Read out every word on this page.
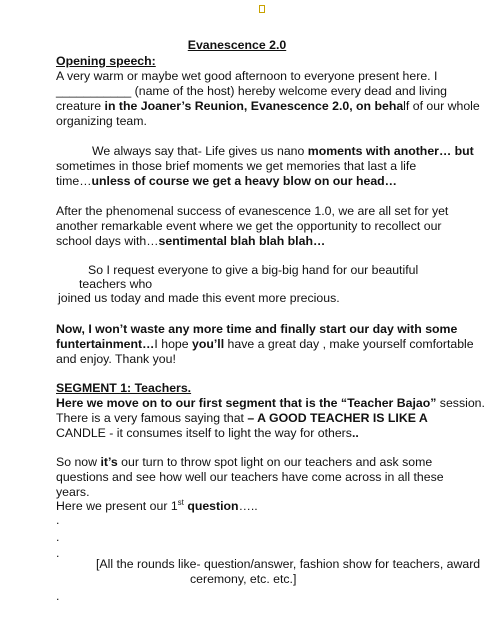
Evanescence 2.0
Opening speech:
A very warm or maybe wet good afternoon to everyone present here. I
___________ (name of the host) hereby welcome every dead and living
creature in the Joaner’s Reunion, Evanescence 2.0, on behalf of our whole
organizing team.
We always say that- Life gives us nano moments with another… but
sometimes in those brief moments we get memories that last a life
time…unless of course we get a heavy blow on our head…
After the phenomenal success of evanescence 1.0, we are all set for yet
another remarkable event where we get the opportunity to recollect our
school days with…sentimental blah blah blah…
So I request everyone to give a big-big hand for our beautiful
teachers who
joined us today and made this event more precious.
Now, I won’t waste any more time and finally start our day with some
funtertainment…I hope you’ll have a great day , make yourself comfortable
and enjoy. Thank you!
SEGMENT 1: Teachers.
Here we move on to our first segment that is the “Teacher Bajao” session.
There is a very famous saying that – A GOOD TEACHER IS LIKE A
CANDLE - it consumes itself to light the way for others..
So now it’s our turn to throw spot light on our teachers and ask some
questions and see how well our teachers have come across in all these
years.
Here we present our 1st question…..
.
.
.
[All the rounds like- question/answer, fashion show for teachers, award
ceremony, etc. etc.]
.
